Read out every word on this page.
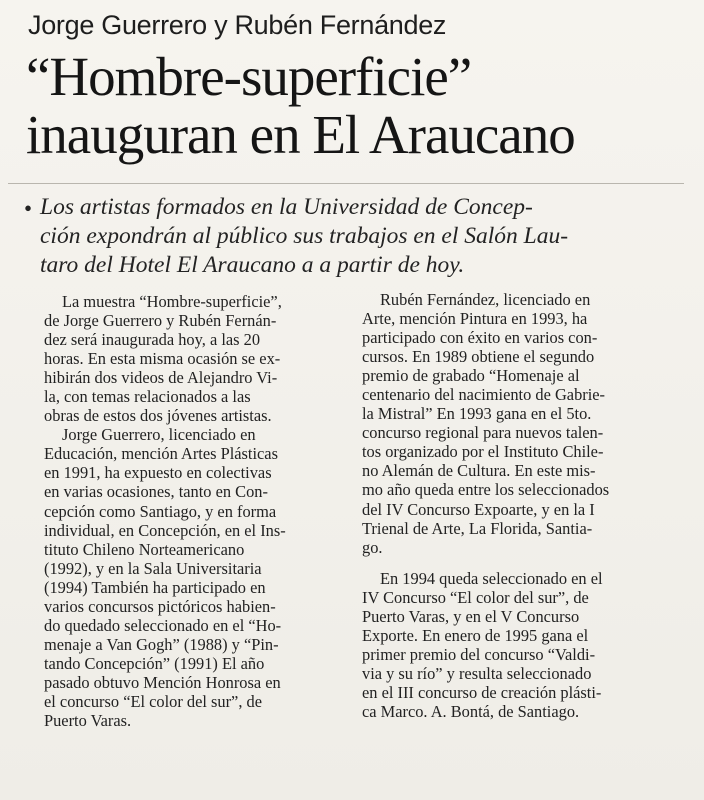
Jorge Guerrero y Rubén Fernández
“Hombre-superficie”
inauguran en El Araucano
• Los artistas formados en la Universidad de Concep-
ción expondrán al público sus trabajos en el Salón Lau-
taro del Hotel El Araucano a a partir de hoy.
La muestra “Hombre-superficie”,
de Jorge Guerrero y Rubén Fernán-
dez será inaugurada hoy, a las 20
horas. En esta misma ocasión se ex-
hibirán dos videos de Alejandro Vi-
la, con temas relacionados a las
obras de estos dos jóvenes artistas.
Jorge Guerrero, licenciado en
Educación, mención Artes Plásticas
en 1991, ha expuesto en colectivas
en varias ocasiones, tanto en Con-
cepción como Santiago, y en forma
individual, en Concepción, en el Ins-
tituto Chileno Norteamericano
(1992), y en la Sala Universitaria
(1994) También ha participado en
varios concursos pictóricos habien-
do quedado seleccionado en el “Ho-
menaje a Van Gogh” (1988) y “Pin-
tando Concepción” (1991) El año
pasado obtuvo Mención Honrosa en
el concurso “El color del sur”, de
Puerto Varas.
Rubén Fernández, licenciado en
Arte, mención Pintura en 1993, ha
participado con éxito en varios con-
cursos. En 1989 obtiene el segundo
premio de grabado “Homenaje al
centenario del nacimiento de Gabrie-
la Mistral” En 1993 gana en el 5to.
concurso regional para nuevos talen-
tos organizado por el Instituto Chile-
no Alemán de Cultura. En este mis-
mo año queda entre los seleccionados
del IV Concurso Expoarte, y en la I
Trienal de Arte, La Florida, Santia-
go.
En 1994 queda seleccionado en el
IV Concurso “El color del sur”, de
Puerto Varas, y en el V Concurso
Exporte. En enero de 1995 gana el
primer premio del concurso “Valdi-
via y su río” y resulta seleccionado
en el III concurso de creación plásti-
ca Marco. A. Bontá, de Santiago.
